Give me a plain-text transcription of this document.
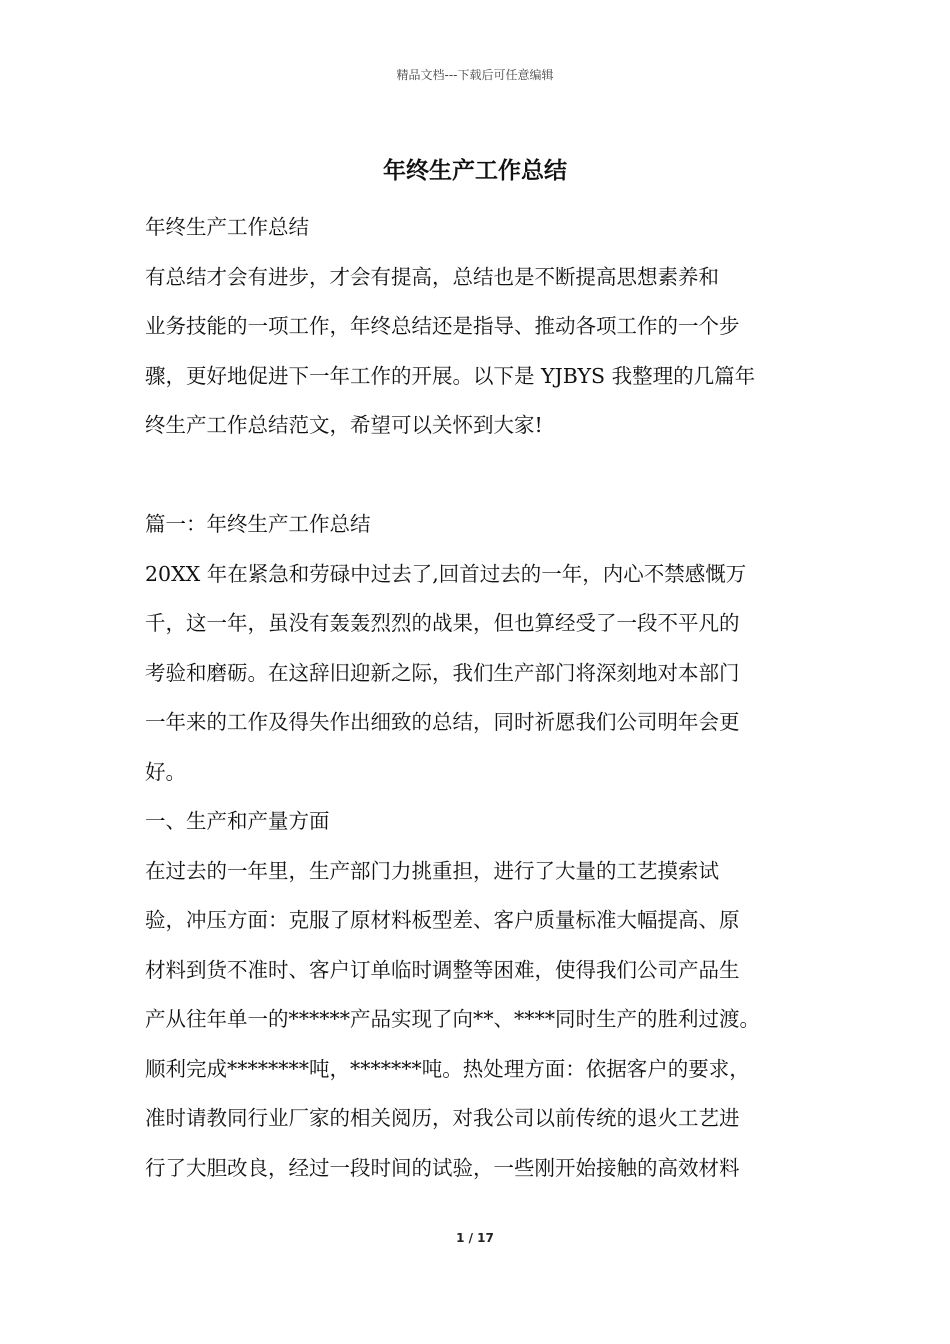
精品文档---下载后可任意编辑
年终生产工作总结
年终生产工作总结
有总结才会有进步，才会有提高，总结也是不断提高思想素养和
业务技能的一项工作，年终总结还是指导、推动各项工作的一个步
骤，更好地促进下一年工作的开展。以下是 YJBYS 我整理的几篇年
终生产工作总结范文，希望可以关怀到大家!
篇一：年终生产工作总结
20XX 年在紧急和劳碌中过去了,回首过去的一年，内心不禁感慨万
千，这一年，虽没有轰轰烈烈的战果，但也算经受了一段不平凡的
考验和磨砺。在这辞旧迎新之际，我们生产部门将深刻地对本部门
一年来的工作及得失作出细致的总结，同时祈愿我们公司明年会更
好。
一、生产和产量方面
在过去的一年里，生产部门力挑重担，进行了大量的工艺摸索试
验，冲压方面：克服了原材料板型差、客户质量标准大幅提高、原
材料到货不准时、客户订单临时调整等困难，使得我们公司产品生
产从往年单一的******产品实现了向**、****同时生产的胜利过渡。
顺利完成********吨，*******吨。热处理方面：依据客户的要求，
准时请教同行业厂家的相关阅历，对我公司以前传统的退火工艺进
行了大胆改良，经过一段时间的试验，一些刚开始接触的高效材料
1 / 17
